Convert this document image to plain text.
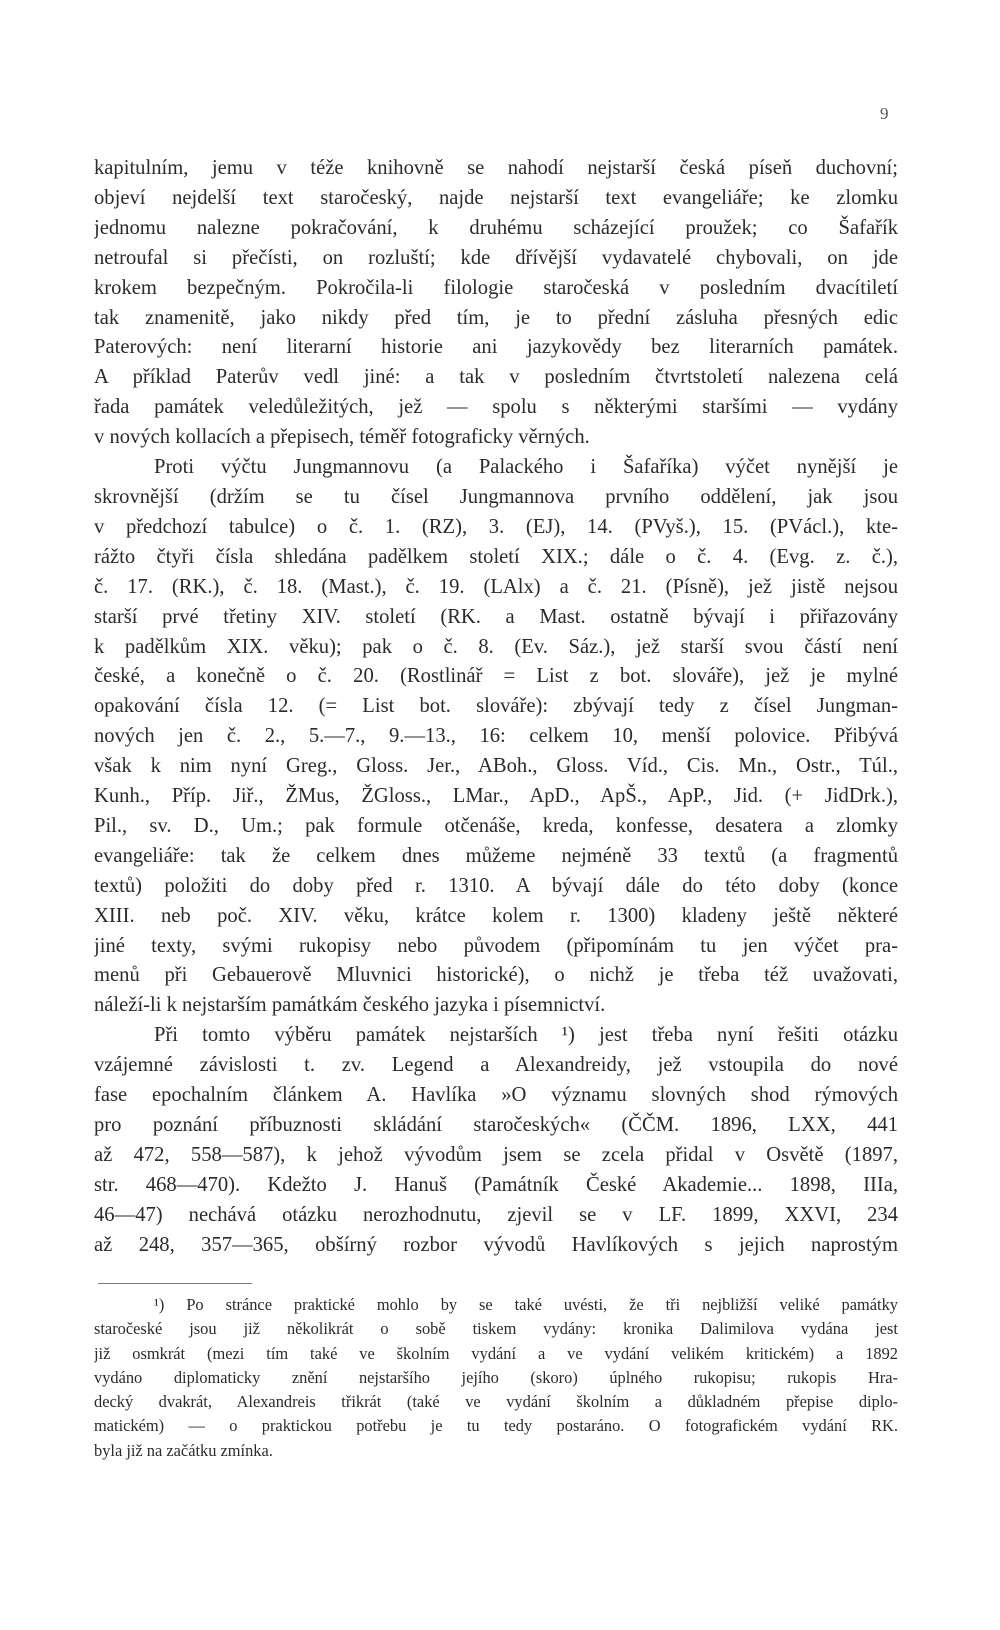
9
kapitulním, jemu v téže knihovně se nahodí nejstarší česká píseň duchovní;
objeví nejdelší text staročeský, najde nejstarší text evangeliáře; ke zlomku
jednomu nalezne pokračování, k druhému scházející proužek; co Šafařík
netroufal si přečísti, on rozluští; kde dřívější vydavatelé chybovali, on jde
krokem bezpečným. Pokročila-li filologie staročeská v posledním dvacítiletí
tak znamenitě, jako nikdy před tím, je to přední zásluha přesných edic
Paterových: není literarní historie ani jazykovědy bez literarních památek.
A příklad Paterův vedl jiné: a tak v posledním čtvrtstoletí nalezena celá
řada památek veledůležitých, jež — spolu s některými staršími — vydány
v nových kollacích a přepisech, téměř fotograficky věrných.
Proti výčtu Jungmannovu (a Palackého i Šafaříka) výčet nynější je
skrovnější (držím se tu čísel Jungmannova prvního oddělení, jak jsou
v předchozí tabulce) o č. 1. (RZ), 3. (EJ), 14. (PVyš.), 15. (PVácl.), kte-
rážto čtyři čísla shledána padělkem století XIX.; dále o č. 4. (Evg. z. č.),
č. 17. (RK.), č. 18. (Mast.), č. 19. (LAlx) a č. 21. (Písně), jež jistě nejsou
starší prvé třetiny XIV. století (RK. a Mast. ostatně bývají i přiřazovány
k padělkům XIX. věku); pak o č. 8. (Ev. Sáz.), jež starší svou částí není
české, a konečně o č. 20. (Rostlinář = List z bot. slováře), jež je mylné
opakování čísla 12. (= List bot. slováře): zbývají tedy z čísel Jungman-
nových jen č. 2., 5.—7., 9.—13., 16: celkem 10, menší polovice. Přibývá
však k nim nyní Greg., Gloss. Jer., ABoh., Gloss. Víd., Cis. Mn., Ostr., Túl.,
Kunh., Příp. Jiř., ŽMus, ŽGloss., LMar., ApD., ApŠ., ApP., Jid. (+ JidDrk.),
Pil., sv. D., Um.; pak formule otčenáše, kreda, konfesse, desatera a zlomky
evangeliáře: tak že celkem dnes můžeme nejméně 33 textů (a fragmentů
textů) položiti do doby před r. 1310. A bývají dále do této doby (konce
XIII. neb poč. XIV. věku, krátce kolem r. 1300) kladeny ještě některé
jiné texty, svými rukopisy nebo původem (připomínám tu jen výčet pra-
menů při Gebauerově Mluvnici historické), o nichž je třeba též uvažovati,
náleží-li k nejstarším památkám českého jazyka i písemnictví.
Při tomto výběru památek nejstarších ¹) jest třeba nyní řešiti otázku
vzájemné závislosti t. zv. Legend a Alexandreidy, jež vstoupila do nové
fase epochalním článkem A. Havlíka »O významu slovných shod rýmových
pro poznání příbuznosti skládání staročeských« (ČČM. 1896, LXX, 441
až 472, 558—587), k jehož vývodům jsem se zcela přidal v Osvětě (1897,
str. 468—470). Kdežto J. Hanuš (Památník České Akademie... 1898, IIIa,
46—47) nechává otázku nerozhodnutu, zjevil se v LF. 1899, XXVI, 234
až 248, 357—365, obšírný rozbor vývodů Havlíkových s jejich naprostým
¹) Po stránce praktické mohlo by se také uvésti, že tři nejbližší veliké památky
staročeské jsou již několikrát o sobě tiskem vydány: kronika Dalimilova vydána jest
již osmkrát (mezi tím také ve školním vydání a ve vydání velikém kritickém) a 1892
vydáno diplomaticky znění nejstaršího jejího (skoro) úplného rukopisu; rukopis Hra-
decký dvakrát, Alexandreis třikrát (také ve vydání školním a důkladném přepise diplo-
matickém) — o praktickou potřebu je tu tedy postaráno. O fotografickém vydání RK.
byla již na začátku zmínka.
